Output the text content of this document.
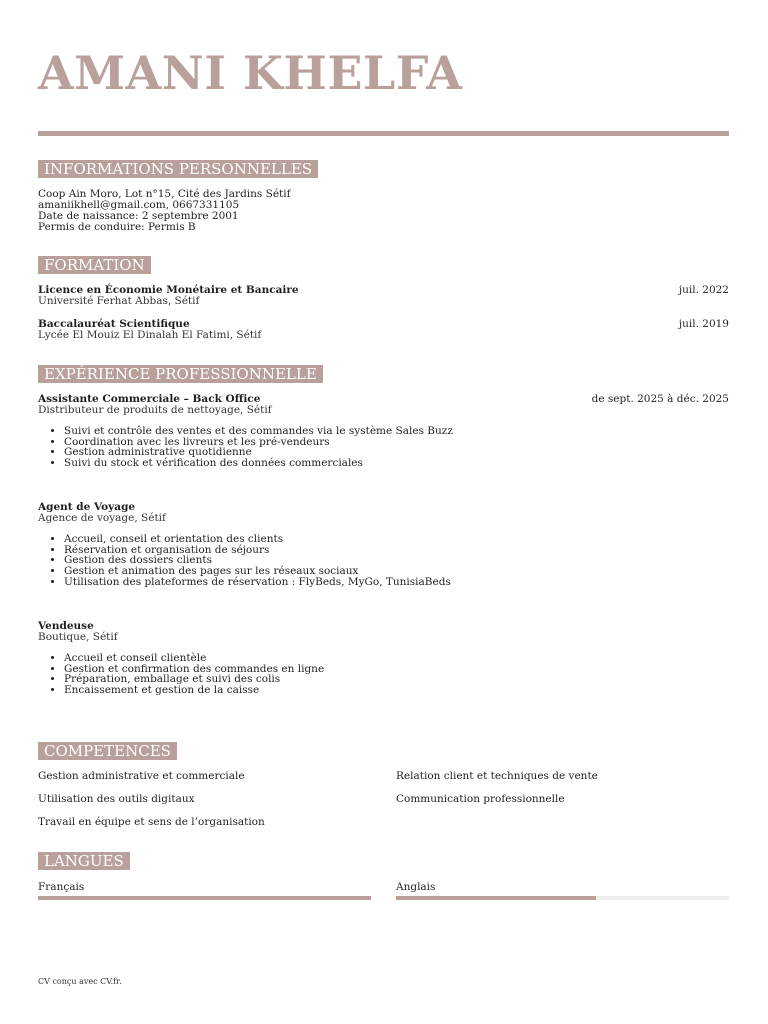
AMANI KHELFA
INFORMATIONS PERSONNELLES
Coop Ain Moro, Lot n°15, Cité des Jardins Sétif
amaniikhell@gmail.com, 0667331105
Date de naissance: 2 septembre 2001
Permis de conduire: Permis B
FORMATION
Licence en Économie Monétaire et Bancaire
Université Ferhat Abbas, Sétif
juil. 2022
Baccalauréat Scientifique
Lycée El Mouiz El Dinalah El Fatimi, Sétif
juil. 2019
EXPÉRIENCE PROFESSIONNELLE
Assistante Commerciale – Back Office
Distributeur de produits de nettoyage, Sétif
de sept. 2025 à déc. 2025
• Suivi et contrôle des ventes et des commandes via le système Sales Buzz
• Coordination avec les livreurs et les pré-vendeurs
• Gestion administrative quotidienne
• Suivi du stock et vérification des données commerciales
Agent de Voyage
Agence de voyage, Sétif
• Accueil, conseil et orientation des clients
• Réservation et organisation de séjours
• Gestion des dossiers clients
• Gestion et animation des pages sur les réseaux sociaux
• Utilisation des plateformes de réservation : FlyBeds, MyGo, TunisiaBeds
Vendeuse
Boutique, Sétif
• Accueil et conseil clientèle
• Gestion et confirmation des commandes en ligne
• Préparation, emballage et suivi des colis
• Encaissement et gestion de la caisse
COMPETENCES
Gestion administrative et commerciale	Relation client et techniques de vente
Utilisation des outils digitaux	Communication professionnelle
Travail en équipe et sens de l’organisation
LANGUES
Français	Anglais
CV conçu avec CV.fr.
